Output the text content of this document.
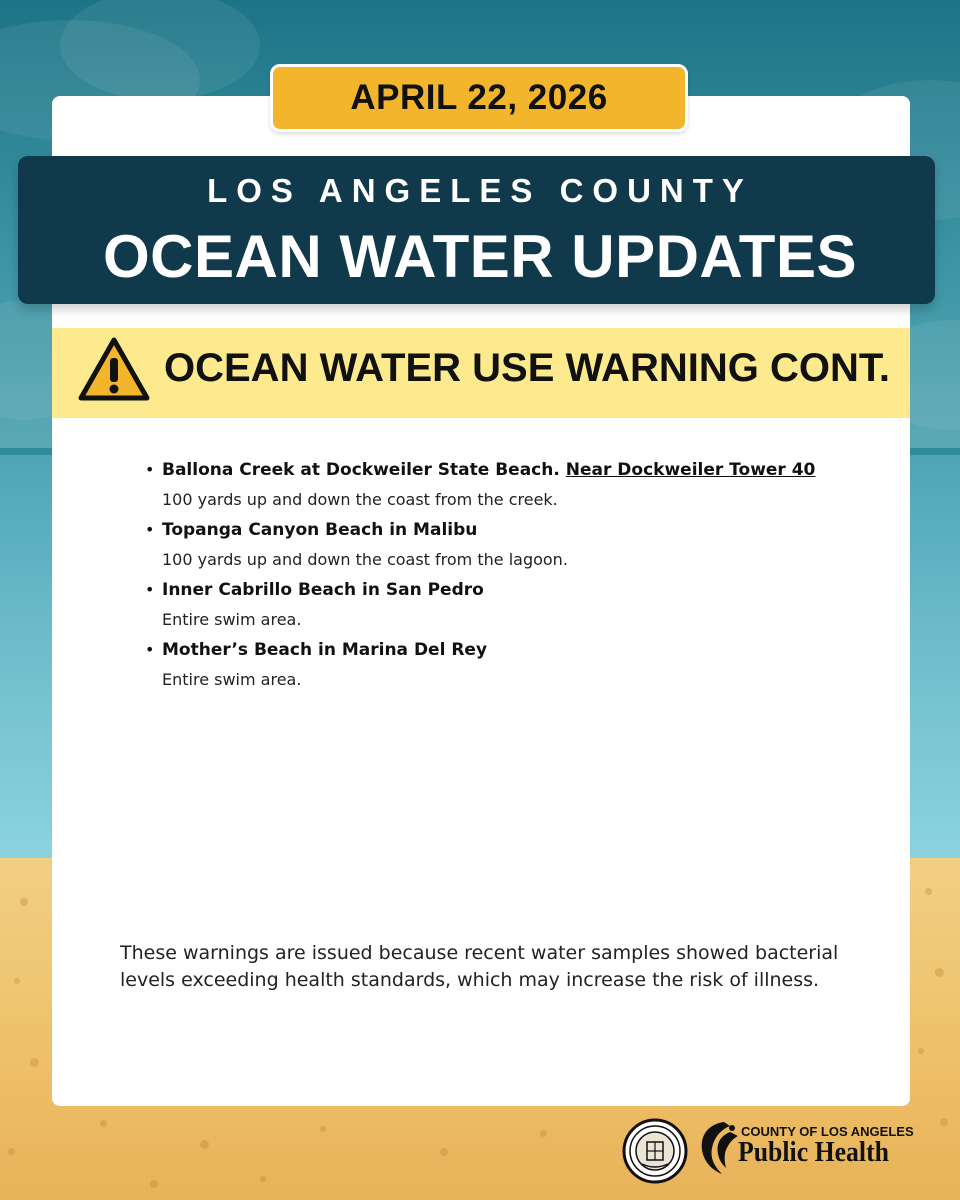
APRIL 22, 2026
LOS ANGELES COUNTY
OCEAN WATER UPDATES
OCEAN WATER USE WARNING CONT.
• Ballona Creek at Dockweiler State Beach. Near Dockweiler Tower 40
100 yards up and down the coast from the creek.
• Topanga Canyon Beach in Malibu
100 yards up and down the coast from the lagoon.
• Inner Cabrillo Beach in San Pedro
Entire swim area.
• Mother’s Beach in Marina Del Rey
Entire swim area.
These warnings are issued because recent water samples showed bacterial levels exceeding health standards, which may increase the risk of illness.
COUNTY OF LOS ANGELES
Public Health
